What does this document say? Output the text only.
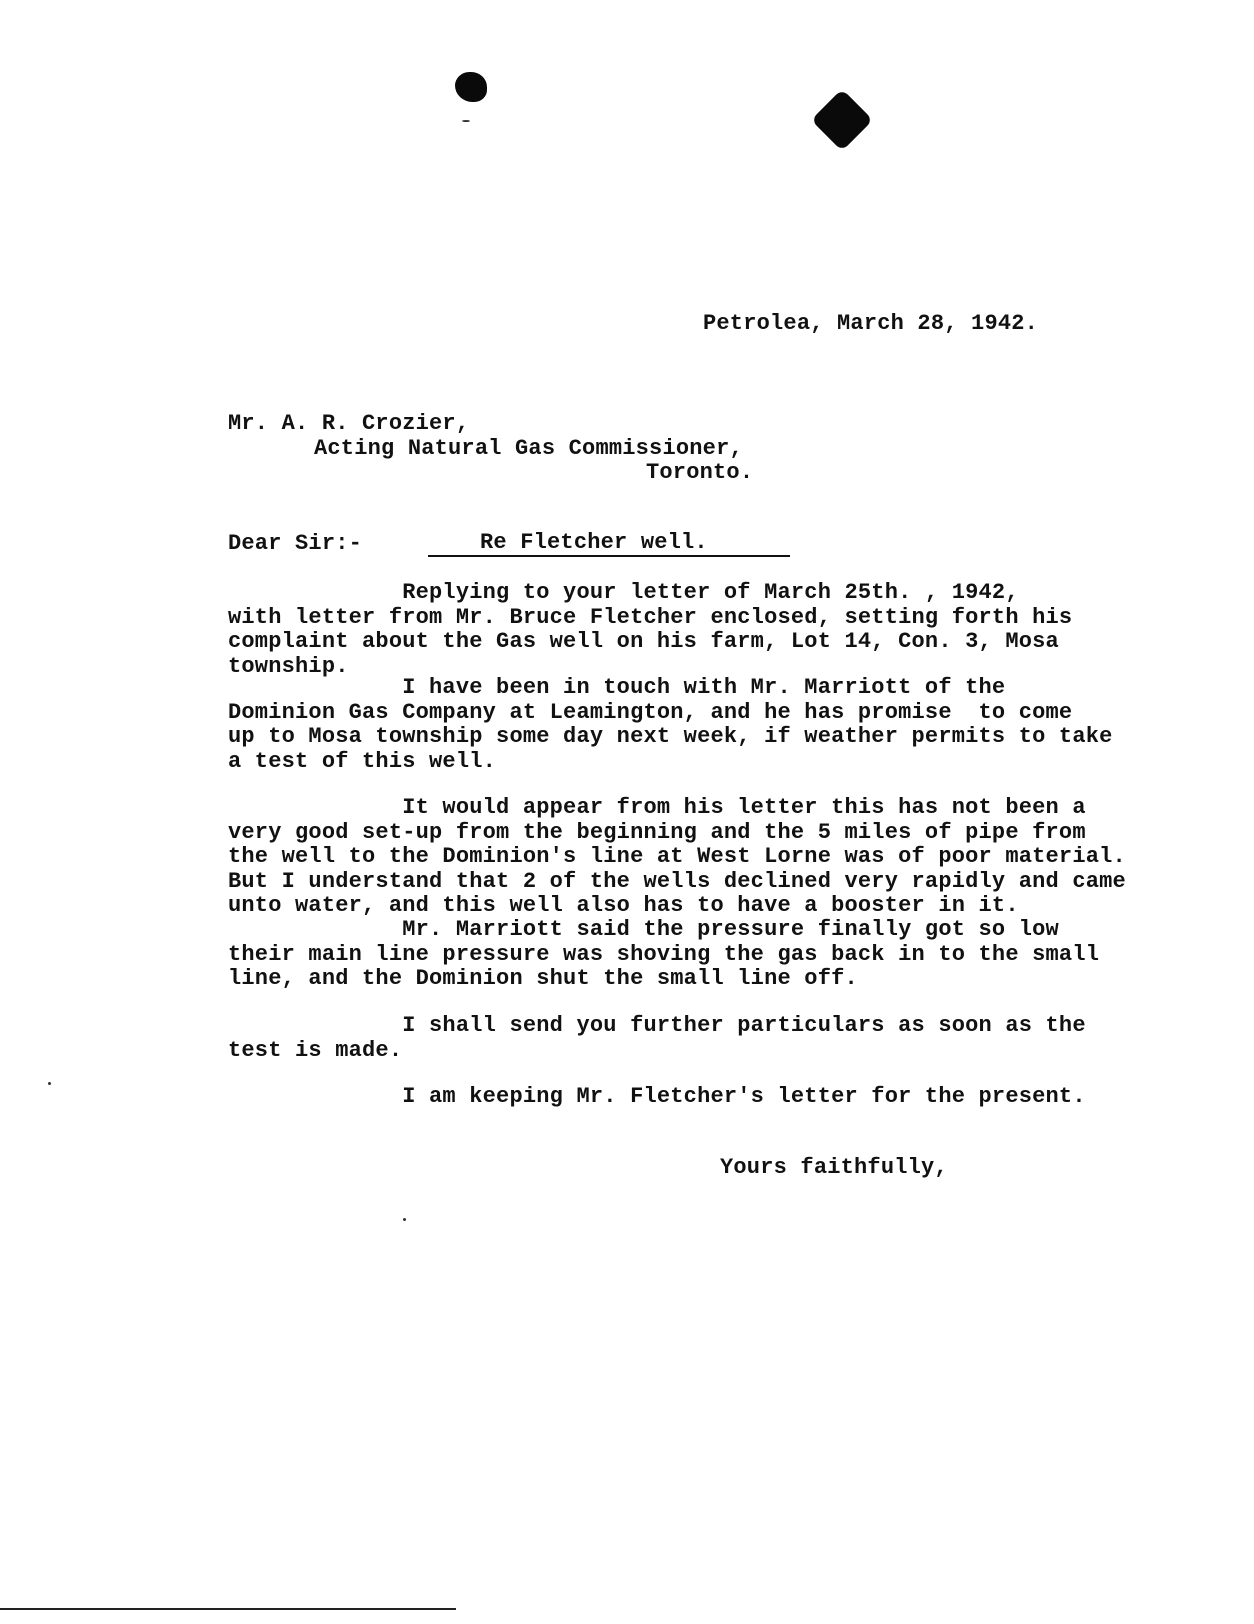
Petrolea, March 28, 1942.
Mr. A. R. Crozier,
Acting Natural Gas Commissioner,
Toronto.
Dear Sir:-	Re Fletcher well.
Replying to your letter of March 25th. , 1942,
with letter from Mr. Bruce Fletcher enclosed, setting forth his
complaint about the Gas well on his farm, Lot 14, Con. 3, Mosa
township.
I have been in touch with Mr. Marriott of the
Dominion Gas Company at Leamington, and he has promise  to come
up to Mosa township some day next week, if weather permits to take
a test of this well.
It would appear from his letter this has not been a
very good set-up from the beginning and the 5 miles of pipe from
the well to the Dominion's line at West Lorne was of poor material.
But I understand that 2 of the wells declined very rapidly and came
unto water, and this well also has to have a booster in it.
Mr. Marriott said the pressure finally got so low
their main line pressure was shoving the gas back in to the small
line, and the Dominion shut the small line off.
I shall send you further particulars as soon as the
test is made.
I am keeping Mr. Fletcher's letter for the present.
Yours faithfully,
